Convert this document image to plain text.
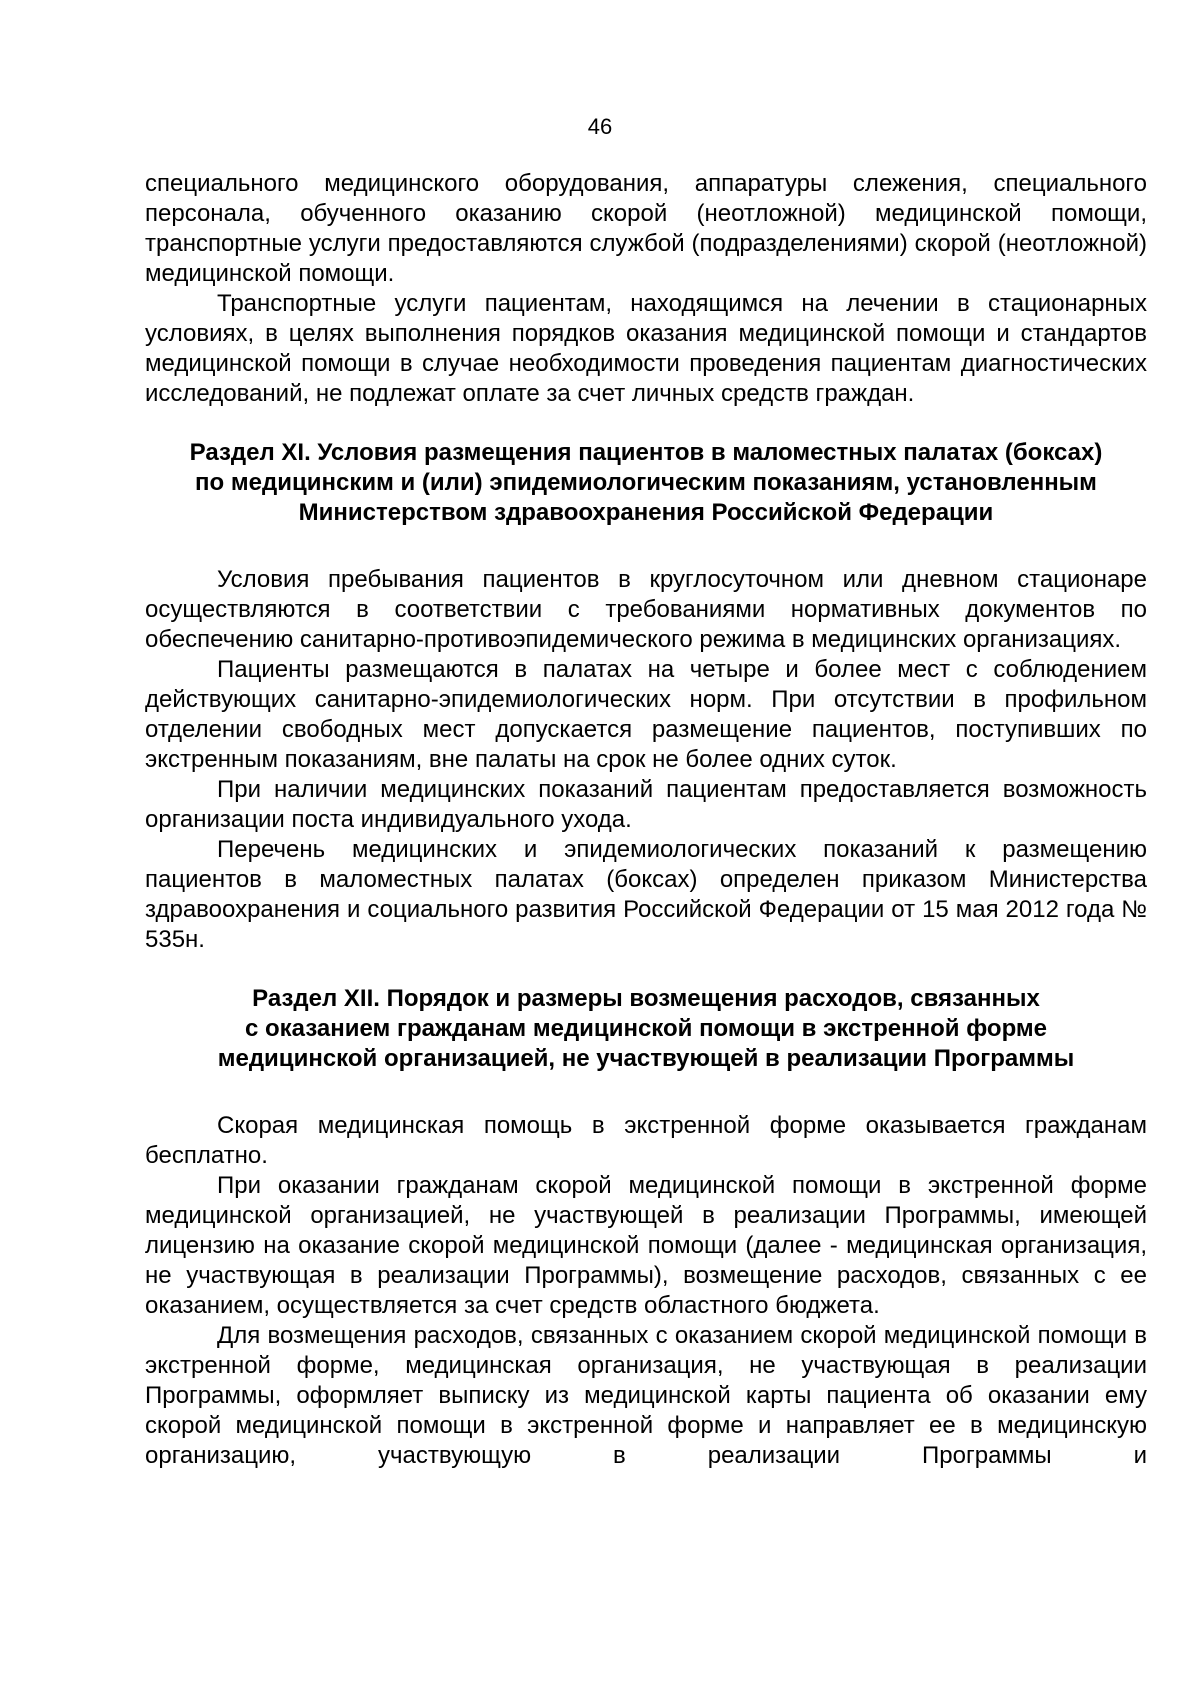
46

специального медицинского оборудования, аппаратуры слежения, специального персонала, обученного оказанию скорой (неотложной) медицинской помощи, транспортные услуги предоставляются службой (подразделениями) скорой (неотложной) медицинской помощи.

Транспортные услуги пациентам, находящимся на лечении в стационарных условиях, в целях выполнения порядков оказания медицинской помощи и стандартов медицинской помощи в случае необходимости проведения пациентам диагностических исследований, не подлежат оплате за счет личных средств граждан.

Раздел XI. Условия размещения пациентов в маломестных палатах (боксах)
по медицинским и (или) эпидемиологическим показаниям, установленным
Министерством здравоохранения Российской Федерации

Условия пребывания пациентов в круглосуточном или дневном стационаре осуществляются в соответствии с требованиями нормативных документов по обеспечению санитарно-противоэпидемического режима в медицинских организациях.

Пациенты размещаются в палатах на четыре и более мест с соблюдением действующих санитарно-эпидемиологических норм. При отсутствии в профильном отделении свободных мест допускается размещение пациентов, поступивших по экстренным показаниям, вне палаты на срок не более одних суток.

При наличии медицинских показаний пациентам предоставляется возможность организации поста индивидуального ухода.

Перечень медицинских и эпидемиологических показаний к размещению пациентов в маломестных палатах (боксах) определен приказом Министерства здравоохранения и социального развития Российской Федерации от 15 мая 2012 года № 535н.

Раздел XII. Порядок и размеры возмещения расходов, связанных
с оказанием гражданам медицинской помощи в экстренной форме
медицинской организацией, не участвующей в реализации Программы

Скорая медицинская помощь в экстренной форме оказывается гражданам бесплатно.

При оказании гражданам скорой медицинской помощи в экстренной форме медицинской организацией, не участвующей в реализации Программы, имеющей лицензию на оказание скорой медицинской помощи (далее - медицинская организация, не участвующая в реализации Программы), возмещение расходов, связанных с ее оказанием, осуществляется за счет средств областного бюджета.

Для возмещения расходов, связанных с оказанием скорой медицинской помощи в экстренной форме, медицинская организация, не участвующая в реализации Программы, оформляет выписку из медицинской карты пациента об оказании ему скорой медицинской помощи в экстренной форме и направляет ее в медицинскую организацию, участвующую в реализации Программы и
